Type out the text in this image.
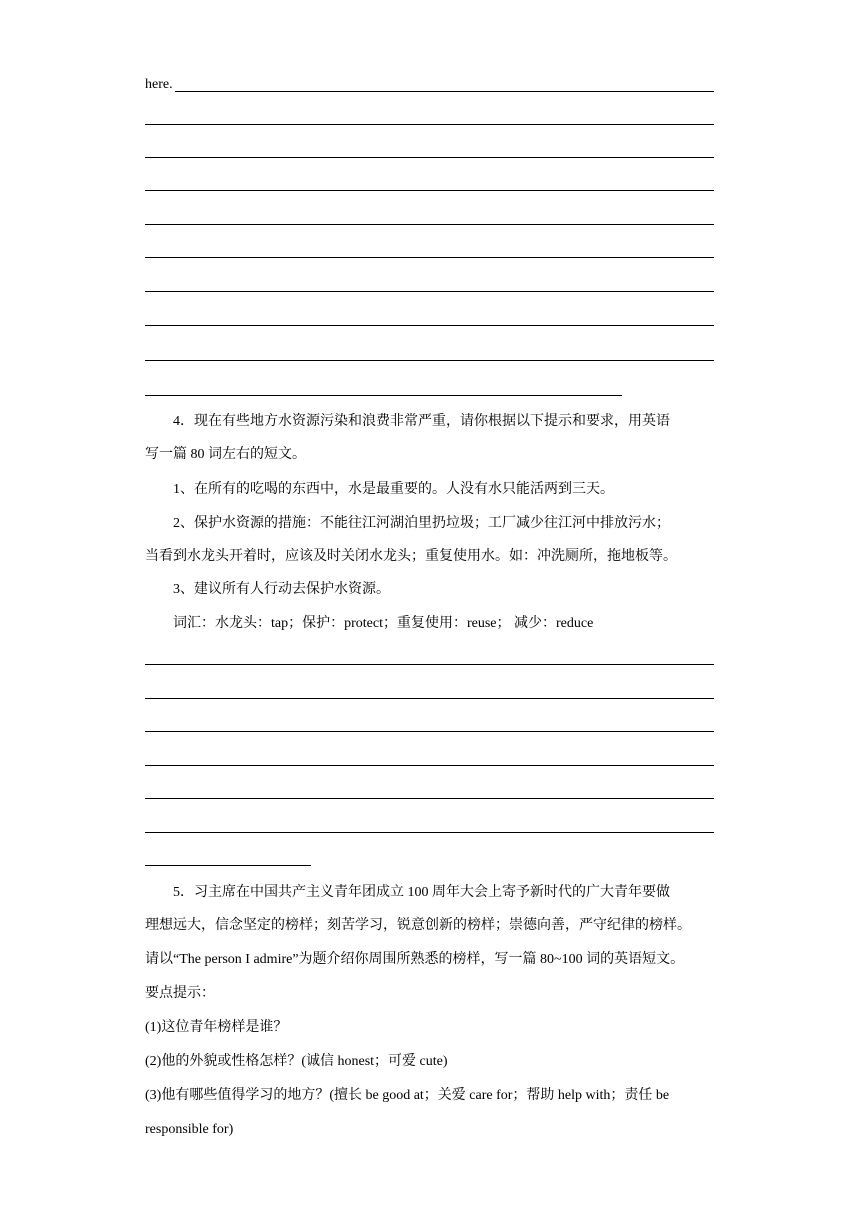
here.
4．现在有些地方水资源污染和浪费非常严重，请你根据以下提示和要求，用英语
写一篇 80 词左右的短文。
1、在所有的吃喝的东西中，水是最重要的。人没有水只能活两到三天。
2、保护水资源的措施：不能往江河湖泊里扔垃圾；工厂减少往江河中排放污水；
当看到水龙头开着时，应该及时关闭水龙头；重复使用水。如：冲洗厕所，拖地板等。
3、建议所有人行动去保护水资源。
词汇：水龙头：tap；保护：protect；重复使用：reuse； 减少：reduce
5．习主席在中国共产主义青年团成立 100 周年大会上寄予新时代的广大青年要做
理想远大，信念坚定的榜样；刻苦学习，锐意创新的榜样；崇德向善，严守纪律的榜样。
请以“The person I admire”为题介绍你周围所熟悉的榜样，写一篇 80~100 词的英语短文。
要点提示：
(1)这位青年榜样是谁？
(2)他的外貌或性格怎样？(诚信 honest；可爱 cute)
(3)他有哪些值得学习的地方？(擅长 be good at；关爱 care for；帮助 help with；责任 be
responsible for)
